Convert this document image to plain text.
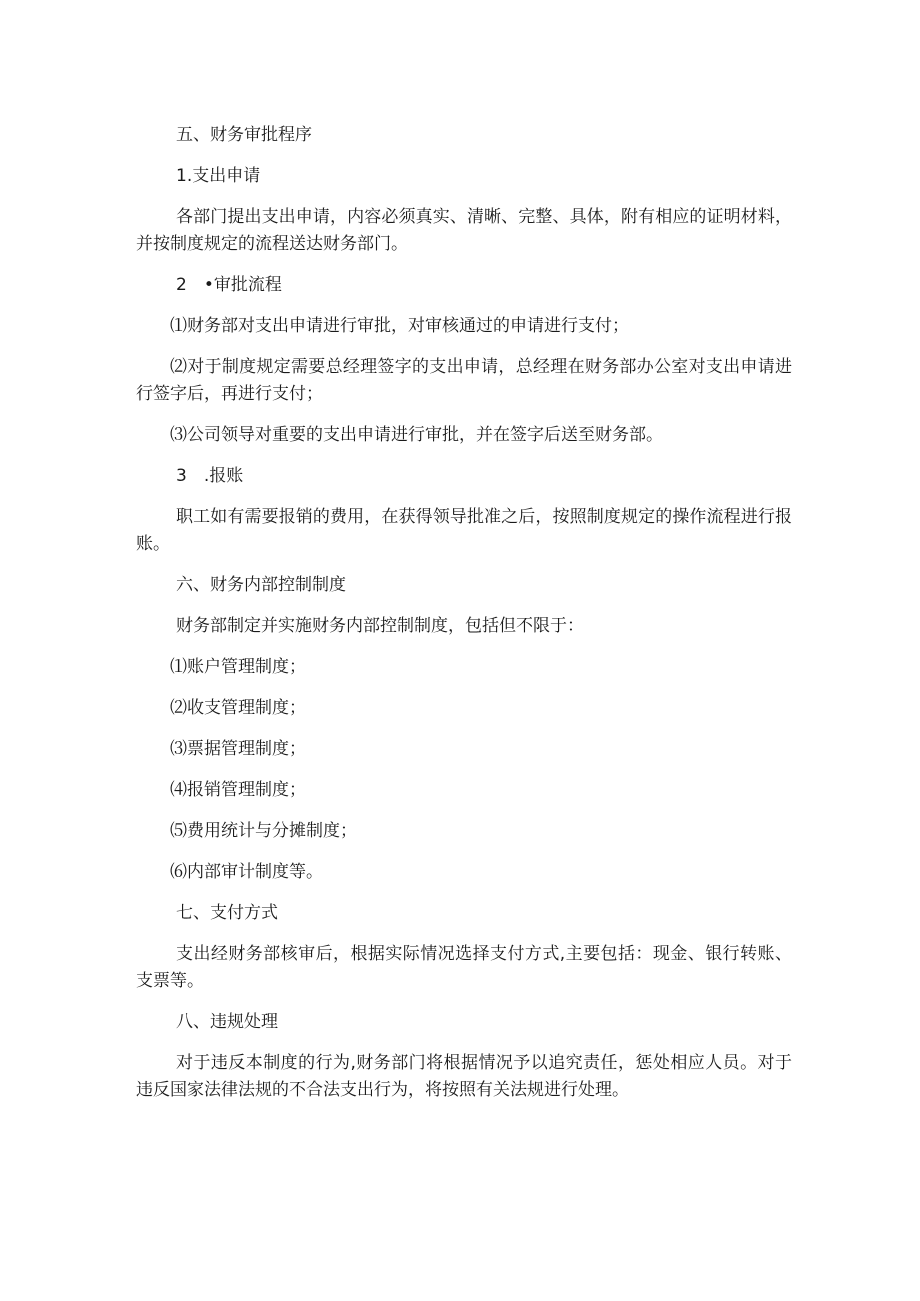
五、财务审批程序

1.支出申请

各部门提出支出申请，内容必须真实、清晰、完整、具体，附有相应的证明材料，并按制度规定的流程送达财务部门。

2　•审批流程

⑴财务部对支出申请进行审批，对审核通过的申请进行支付；

⑵对于制度规定需要总经理签字的支出申请，总经理在财务部办公室对支出申请进行签字后，再进行支付；

⑶公司领导对重要的支出申请进行审批，并在签字后送至财务部。

3　.报账

职工如有需要报销的费用，在获得领导批准之后，按照制度规定的操作流程进行报账。

六、财务内部控制制度

财务部制定并实施财务内部控制制度，包括但不限于：

⑴账户管理制度；

⑵收支管理制度；

⑶票据管理制度；

⑷报销管理制度；

⑸费用统计与分摊制度；

⑹内部审计制度等。

七、支付方式

支出经财务部核审后，根据实际情况选择支付方式,主要包括：现金、银行转账、支票等。

八、违规处理

对于违反本制度的行为,财务部门将根据情况予以追究责任，惩处相应人员。对于违反国家法律法规的不合法支出行为，将按照有关法规进行处理。
